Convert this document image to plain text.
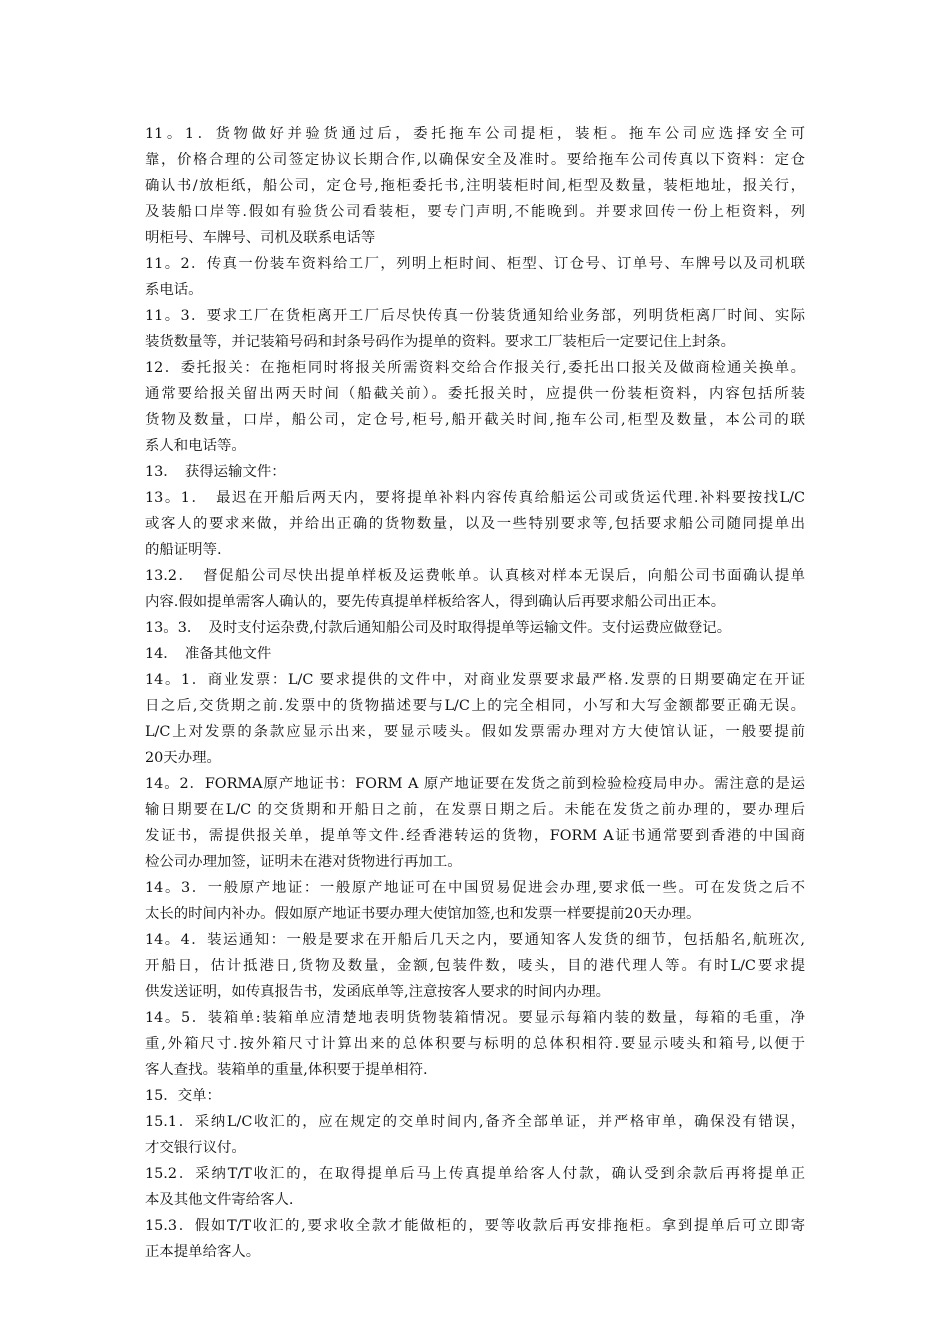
11。1．货物做好并验货通过后，委托拖车公司提柜，装柜。拖车公司应选择安全可
靠，价格合理的公司签定协议长期合作,以确保安全及准时。要给拖车公司传真以下资料：定仓
确认书/放柜纸，船公司，定仓号,拖柜委托书,注明装柜时间,柜型及数量，装柜地址，报关行，
及装船口岸等.假如有验货公司看装柜，要专门声明,不能晚到。并要求回传一份上柜资料，列
明柜号、车牌号、司机及联系电话等
11。2．传真一份装车资料给工厂，列明上柜时间、柜型、订仓号、订单号、车牌号以及司机联
系电话。
11。3．要求工厂在货柜离开工厂后尽快传真一份装货通知给业务部，列明货柜离厂时间、实际
装货数量等，并记装箱号码和封条号码作为提单的资料。要求工厂装柜后一定要记住上封条。
12．委托报关：在拖柜同时将报关所需资料交给合作报关行,委托出口报关及做商检通关换单。
通常要给报关留出两天时间（船截关前）。委托报关时，应提供一份装柜资料，内容包括所装
货物及数量，口岸，船公司，定仓号,柜号,船开截关时间,拖车公司,柜型及数量，本公司的联
系人和电话等。
13．　获得运输文件：
13。1．　最迟在开船后两天内，要将提单补料内容传真给船运公司或货运代理.补料要按找L/C
或客人的要求来做，并给出正确的货物数量，以及一些特别要求等,包括要求船公司随同提单出
的船证明等.
13.2．　督促船公司尽快出提单样板及运费帐单。认真核对样本无误后，向船公司书面确认提单
内容.假如提单需客人确认的，要先传真提单样板给客人，得到确认后再要求船公司出正本。
13。3．　及时支付运杂费,付款后通知船公司及时取得提单等运输文件。支付运费应做登记。
14．　准备其他文件
14。1．商业发票：L/C 要求提供的文件中，对商业发票要求最严格.发票的日期要确定在开证
日之后,交货期之前.发票中的货物描述要与L/C上的完全相同，小写和大写金额都要正确无误。
L/C上对发票的条款应显示出来，要显示唛头。假如发票需办理对方大使馆认证，一般要提前
20天办理。
14。2．FORMA原产地证书：FORM A 原产地证要在发货之前到检验检疫局申办。需注意的是运
输日期要在L/C 的交货期和开船日之前，在发票日期之后。未能在发货之前办理的，要办理后
发证书，需提供报关单，提单等文件.经香港转运的货物，FORM A证书通常要到香港的中国商
检公司办理加签，证明未在港对货物进行再加工。
14。3．一般原产地证：一般原产地证可在中国贸易促进会办理,要求低一些。可在发货之后不
太长的时间内补办。假如原产地证书要办理大使馆加签,也和发票一样要提前20天办理。
14。4．装运通知：一般是要求在开船后几天之内，要通知客人发货的细节，包括船名,航班次,
开船日，估计抵港日,货物及数量，金额,包装件数，唛头，目的港代理人等。有时L/C要求提
供发送证明，如传真报告书，发函底单等,注意按客人要求的时间内办理。
14。5．装箱单:装箱单应清楚地表明货物装箱情况。要显示每箱内装的数量，每箱的毛重，净
重,外箱尺寸.按外箱尺寸计算出来的总体积要与标明的总体积相符.要显示唛头和箱号,以便于
客人查找。装箱单的重量,体积要于提单相符.
15．交单：
15.1．采纳L/C收汇的，应在规定的交单时间内,备齐全部单证，并严格审单，确保没有错误，
才交银行议付。
15.2．采纳T/T收汇的，在取得提单后马上传真提单给客人付款，确认受到余款后再将提单正
本及其他文件寄给客人.
15.3．假如T/T收汇的,要求收全款才能做柜的，要等收款后再安排拖柜。拿到提单后可立即寄
正本提单给客人。
